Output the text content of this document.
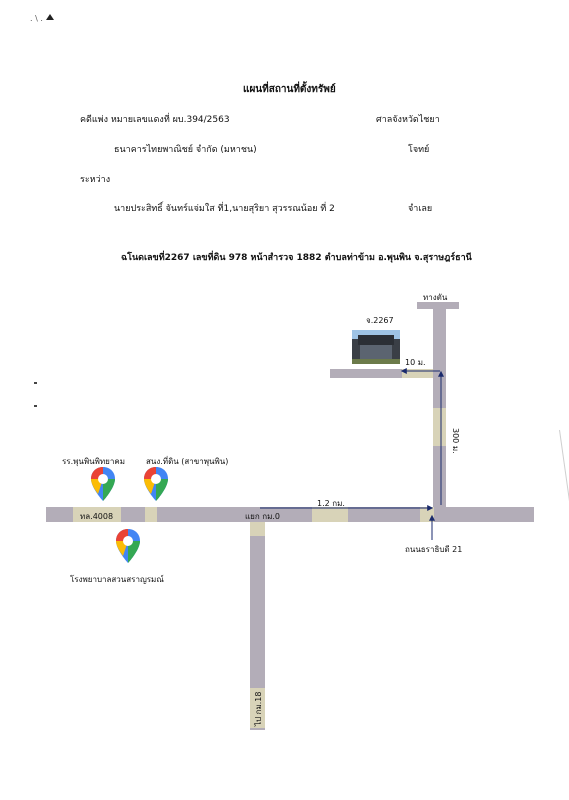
. \ .
แผนที่สถานที่ตั้งทรัพย์
คดีแพ่ง หมายเลขแดงที่ ผบ.394/2563	ศาลจังหวัดไชยา
ธนาคารไทยพาณิชย์ จำกัด (มหาชน)	โจทย์
ระหว่าง
นายประสิทธิ์ จันทร์แจ่มใส ที่1,นายสุริยา สุวรรณน้อย ที่ 2	จำเลย
ฉโนดเลขที่2267 เลขที่ดิน 978 หน้าสำรวจ 1882 ตำบลท่าข้าม อ.พุนพิน จ.สุราษฎร์ธานี
ทางตัน
จ.2267
10 ม.
300 ม.
1.2 กม.
แยก กม.0
ทล.4008
ถนนธราธิบดี 21
ไป กม.18
รร.พุนพินพิทยาคม	สนง.ที่ดิน (สาขาพุนพิน)
โรงพยาบาลสวนสราญรมณ์
